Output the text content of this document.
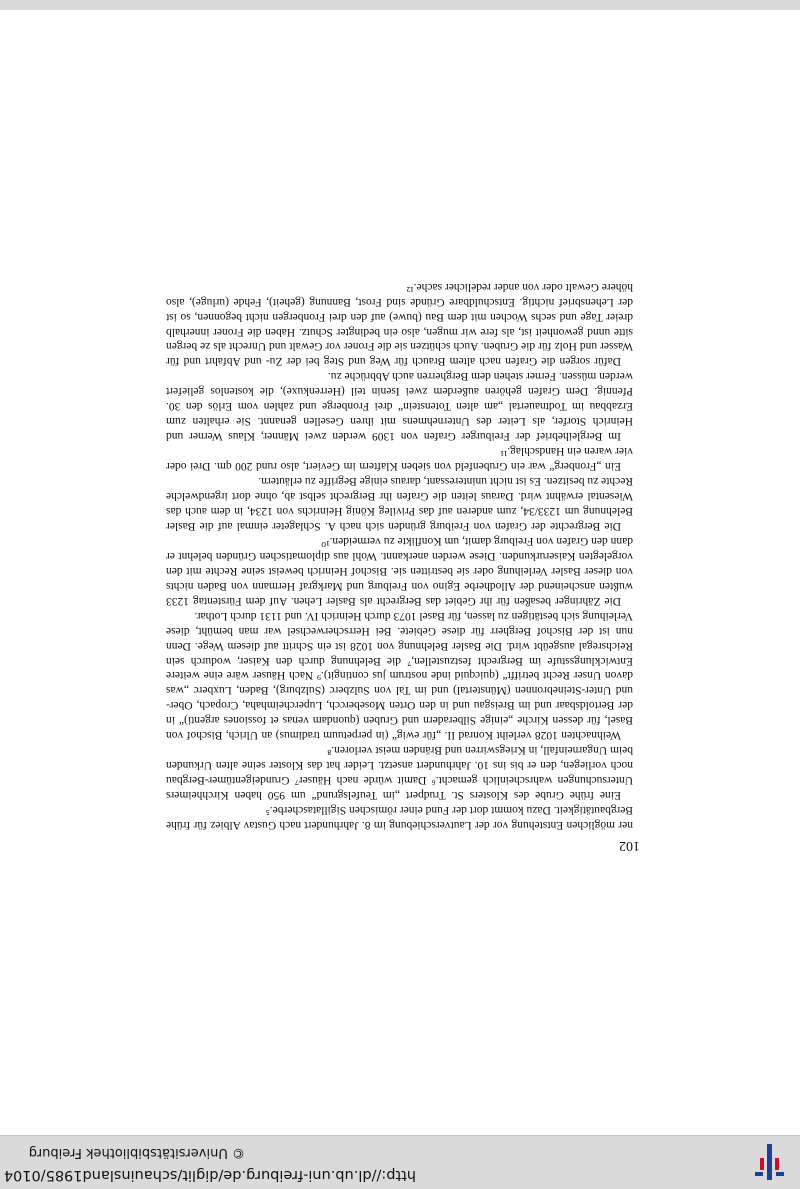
http://dl.ub.uni-freiburg.de/diglit/schauinsland1985/0104
© Universitätsbibliothek Freiburg
102

ner möglichen Entstehung vor der Lautverschiebung im 8. Jahrhundert nach Gustav Albiez für frühe Bergbautätigkeit. Dazu kommt dort der Fund einer römischen Sigillatascherbe.⁵

Eine frühe Grube des Klosters St. Trudpert „im Teufelsgrund“ um 950 haben Kirchheimers Untersuchungen wahrscheinlich gemacht.⁶ Damit würde nach Häuser⁷ Grundeigentümer-Bergbau noch vorliegen, den er bis ins 10. Jahrhundert ansetzt. Leider hat das Kloster seine alten Urkunden beim Ungarneinfall, in Kriegswirren und Bränden meist verloren.⁸

Weihnachten 1028 verleiht Konrad II. „für ewig“ (in perpetuum tradimus) an Ulrich, Bischof von Basel, für dessen Kirche „einige Silberadern und Gruben (quondam venas et fossiones argenti)“ in der Bertoldsbaar und im Breisgau und in den Orten Mosebercch, Lupercheimhaha, Cropach, Ober- und Unter-Steinebronnen (Münstertal) und im Tal von Sulzberc (Sulzburg), Baden, Luxberc „was davon Unser Recht betrifft“ (quicquid inde nostrum jus contingit).⁹ Nach Häuser wäre eine weitere Entwicklungsstufe im Bergrecht festzustellen,⁷ die Belehnung durch den Kaiser, wodurch sein Reichsregal ausgeübt wird. Die Basler Belehnung von 1028 ist ein Schritt auf diesem Wege. Denn nun ist der Bischof Bergherr für diese Gebiete. Bei Herrscherwechsel war man bemüht, diese Verleihung sich bestätigen zu lassen, für Basel 1073 durch Heinrich IV. und 1131 durch Lothar.

Die Zähringer besaßen für ihr Gebiet das Bergrecht als Basler Lehen. Auf dem Fürstentag 1233 wußten anscheinend der Allodherbe Egino von Freiburg und Markgraf Hermann von Baden nichts von dieser Basler Verleihung oder sie bestritten sie. Bischof Heinrich beweist seine Rechte mit den vorgelegten Kaiserurkunden. Diese werden anerkannt. Wohl aus diplomatischen Gründen belehnt er dann den Grafen von Freiburg damit, um Konflikte zu vermeiden.¹⁰

Die Bergrechte der Grafen von Freiburg gründen sich nach A. Schlageter einmal auf die Basler Belehnung um 1233/34, zum anderen auf das Privileg König Heinrichs von 1234, in dem auch das Wiesental erwähnt wird. Daraus leiten die Grafen ihr Bergrecht selbst ab, ohne dort irgendwelche Rechte zu besitzen. Es ist nicht uninteressant, daraus einige Begriffe zu erläutern.

Ein „Fronberg“ war ein Grubenfeld von sieben Klaftern im Geviert, also rund 200 qm. Drei oder vier waren ein Handschlag.¹¹

Im Bergleihebrief der Freiburger Grafen von 1309 werden zwei Männer, Klaus Werner und Heinrich Storfer, als Leiter des Unternehmens mit ihren Gesellen genannt. Sie erhalten zum Erzabbau im Todtnauertal „am alten Totenstein“ drei Fronberge und zahlen vom Erlös den 30. Pfennig. Dem Grafen gehören außerdem zwei Isenin teil (Herrenkuxe), die kostenlos geliefert werden müssen. Ferner stehen dem Bergherren auch Abbrüche zu.

Dafür sorgen die Grafen nach altem Brauch für Weg und Steg bei der Zu- und Abfahrt und für Wasser und Holz für die Gruben. Auch schützen sie die Froner vor Gewalt und Unrecht als ze bergen sitte unnd gewonheit ist, als fere wir mugen, also ein bedingter Schutz. Haben die Froner innerhalb dreier Tage und sechs Wochen mit dem Bau (buwe) auf den drei Fronbergen nicht begonnen, so ist der Lehensbrief nichtig. Entschuldbare Gründe sind Frost, Bannung (geheit), Fehde (urluge), also höhere Gewalt oder von ander redelicher sache.¹²
